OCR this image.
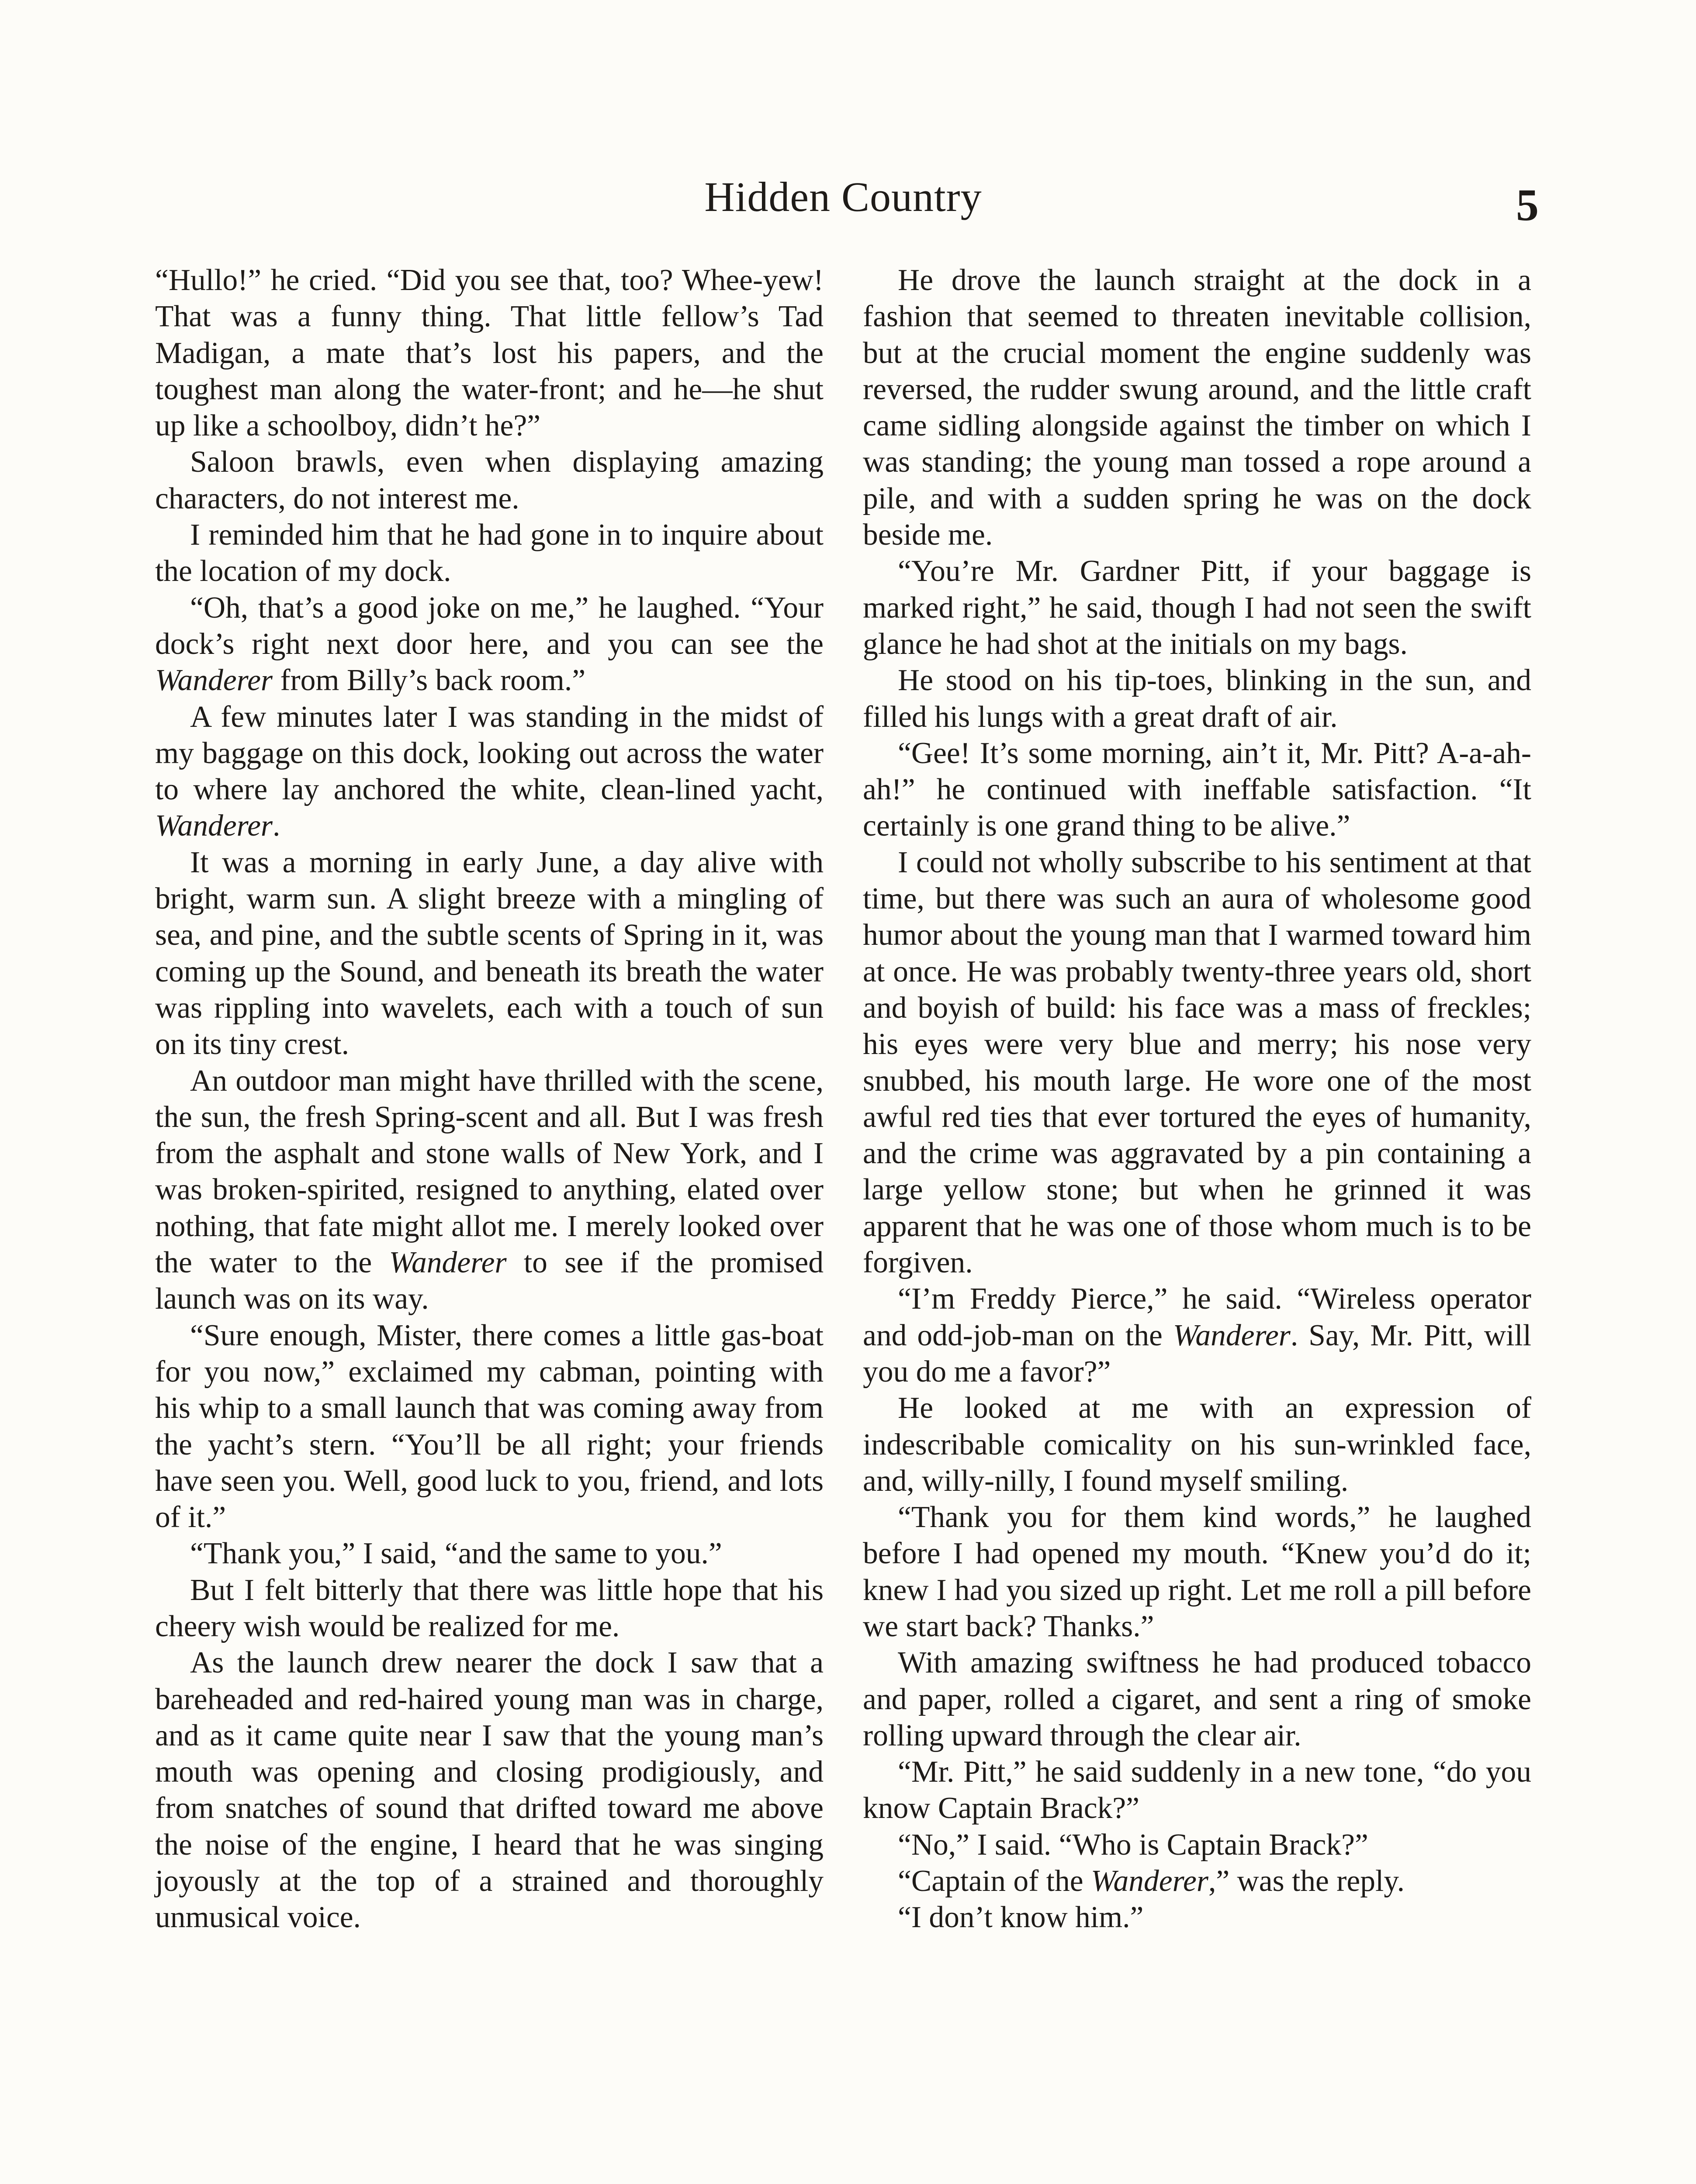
Hidden Country	5

“Hullo!” he cried. “Did you see that, too? Whee-yew! That was a funny thing. That little fellow’s Tad Madigan, a mate that’s lost his papers, and the toughest man along the water-front; and he—he shut up like a schoolboy, didn’t he?”

Saloon brawls, even when displaying amazing characters, do not interest me.

I reminded him that he had gone in to inquire about the location of my dock.

“Oh, that’s a good joke on me,” he laughed. “Your dock’s right next door here, and you can see the Wanderer from Billy’s back room.”

A few minutes later I was standing in the midst of my baggage on this dock, looking out across the water to where lay anchored the white, clean-lined yacht, Wanderer.

It was a morning in early June, a day alive with bright, warm sun. A slight breeze with a mingling of sea, and pine, and the subtle scents of Spring in it, was coming up the Sound, and beneath its breath the water was rippling into wavelets, each with a touch of sun on its tiny crest.

An outdoor man might have thrilled with the scene, the sun, the fresh Spring-scent and all. But I was fresh from the asphalt and stone walls of New York, and I was broken-spirited, resigned to anything, elated over nothing, that fate might allot me. I merely looked over the water to the Wanderer to see if the promised launch was on its way.

“Sure enough, Mister, there comes a little gas-boat for you now,” exclaimed my cabman, pointing with his whip to a small launch that was coming away from the yacht’s stern. “You’ll be all right; your friends have seen you. Well, good luck to you, friend, and lots of it.”

“Thank you,” I said, “and the same to you.”

But I felt bitterly that there was little hope that his cheery wish would be realized for me.

As the launch drew nearer the dock I saw that a bareheaded and red-haired young man was in charge, and as it came quite near I saw that the young man’s mouth was opening and closing prodigiously, and from snatches of sound that drifted toward me above the noise of the engine, I heard that he was singing joyously at the top of a strained and thoroughly unmusical voice.

He drove the launch straight at the dock in a fashion that seemed to threaten inevitable collision, but at the crucial moment the engine suddenly was reversed, the rudder swung around, and the little craft came sidling alongside against the timber on which I was standing; the young man tossed a rope around a pile, and with a sudden spring he was on the dock beside me.

“You’re Mr. Gardner Pitt, if your baggage is marked right,” he said, though I had not seen the swift glance he had shot at the initials on my bags.

He stood on his tip-toes, blinking in the sun, and filled his lungs with a great draft of air.

“Gee! It’s some morning, ain’t it, Mr. Pitt? A-a-ah-ah!” he continued with ineffable satisfaction. “It certainly is one grand thing to be alive.”

I could not wholly subscribe to his sentiment at that time, but there was such an aura of wholesome good humor about the young man that I warmed toward him at once. He was probably twenty-three years old, short and boyish of build: his face was a mass of freckles; his eyes were very blue and merry; his nose very snubbed, his mouth large. He wore one of the most awful red ties that ever tortured the eyes of humanity, and the crime was aggravated by a pin containing a large yellow stone; but when he grinned it was apparent that he was one of those whom much is to be forgiven.

“I’m Freddy Pierce,” he said. “Wireless operator and odd-job-man on the Wanderer. Say, Mr. Pitt, will you do me a favor?”

He looked at me with an expression of indescribable comicality on his sun-wrinkled face, and, willy-nilly, I found myself smiling.

“Thank you for them kind words,” he laughed before I had opened my mouth. “Knew you’d do it; knew I had you sized up right. Let me roll a pill before we start back? Thanks.”

With amazing swiftness he had produced tobacco and paper, rolled a cigaret, and sent a ring of smoke rolling upward through the clear air.

“Mr. Pitt,” he said suddenly in a new tone, “do you know Captain Brack?”

“No,” I said. “Who is Captain Brack?”

“Captain of the Wanderer,” was the reply.

“I don’t know him.”
